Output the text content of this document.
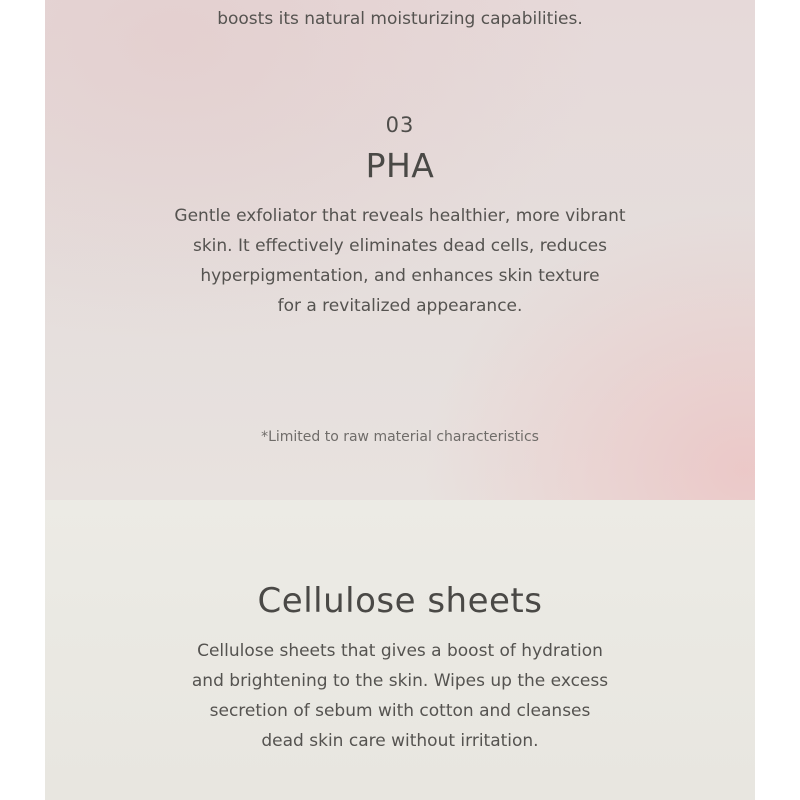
boosts its natural moisturizing capabilities.
03
PHA
Gentle exfoliator that reveals healthier, more vibrant
skin. It effectively eliminates dead cells, reduces
hyperpigmentation, and enhances skin texture
for a revitalized appearance.
*Limited to raw material characteristics
Cellulose sheets
Cellulose sheets that gives a boost of hydration
and brightening to the skin. Wipes up the excess
secretion of sebum with cotton and cleanses
dead skin care without irritation.
